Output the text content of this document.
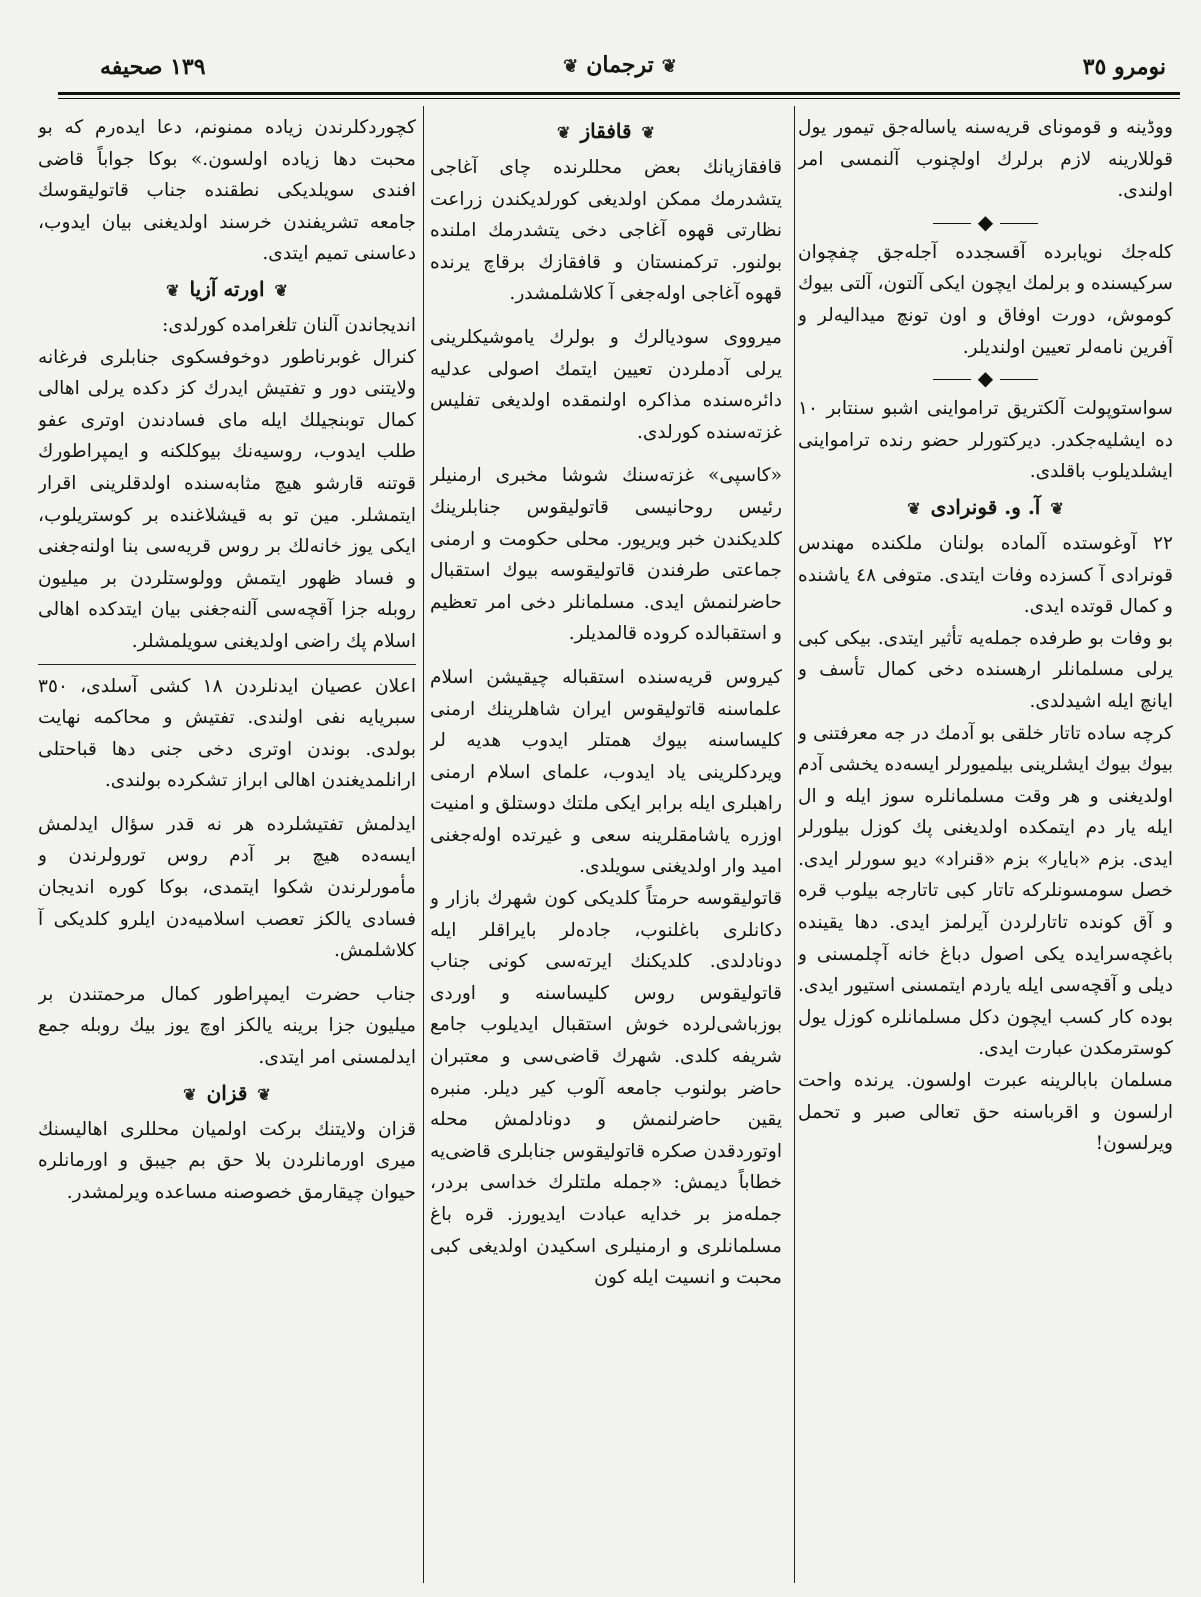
نومرو ٣٥
❦ترجمان❦
١٣٩ صحیفه

ووڈینه و قومونای قریه‌سنه یاساله‌جق تیمور یول قوللارینه لازم برلرك اولچنوب آلنمسی امر اولندی.

◆

کله‌جك نویابرده آقسجدده آجله‌جق چفچوان سرکیسنده و برلمك ایچون ایکی آلتون، آلتی بیوك کوموش، دورت اوفاق و اون تونچ میدالیه‌لر و آفرین نامه‌لر تعیین اولندیلر.

◆

سواستوپولت آلکتریق ترامواینی اشبو سنتابر ١٠ ده ایشلیه‌جکدر. دیرکتورلر حضو رنده ترامواینی ایشلدیلوب باقلدی.

❦آ. و. قونرادی❦

٢٢ آوغوستده آلماده بولنان ملکنده مهندس قونرادی آ کسزده وفات ایتدی. متوفی ٤٨ یاشنده و کمال قوتده ایدی.

بو وفات بو طرفده جمله‌یه تأثیر ایتدی. بیکی کبی یرلی مسلمانلر ارهسنده دخی کمال تأسف و ایانچ ایله اشیدلدی.

کرچه ساده تاتار خلقی بو آدمك در جه معرفتنی و بیوك بیوك ایشلرینی بیلمیورلر ایسه‌ده یخشی آدم اولدیغنی و هر وقت مسلمانلره سوز ایله و ال ایله یار دم ایتمکده اولدیغنی پك کوزل بیلورلر ایدی. بزم «بایار» بزم «قنراد» دیو سورلر ایدی. خصل سومسونلرکه تاتار کبی تاتارجه بیلوب قره و آق کونده تاتارلردن آیرلمز ایدی. دها یقینده باغچه‌سرایده یکی اصول دباغ خانه آچلمسنی و دیلی و آقچه‌سی ایله یاردم ایتمسنی استیور ایدی. بوده کار کسب ایچون دکل مسلمانلره کوزل یول کوسترمکدن عبارت ایدی.

مسلمان بابالرینه عبرت اولسون. یرنده واحت ارلسون و اقرباسنه حق تعالی صبر و تحمل ویرلسون!

❦قافقاز❦

قافقازیانك بعض محللرنده چای آغاجی یتشدرمك ممکن اولدیغی کورلدیکندن زراعت نظارتی قهوه آغاجی دخی یتشدرمك املنده بولنور. ترکمنستان و قافقازك برقاچ یرنده قهوه آغاجی اوله‌جغی آ کلاشلمشدر.

میرووی سودیالرك و بولرك یاموشیکلرینی یرلی آدملردن تعیین ایتمك اصولی عدلیه دائره‌سنده مذاکره اولنمقده اولدیغی تفلیس غزته‌سنده کورلدی.

«کاسپی» غزته‌سنك شوشا مخبری ارمنیلر رئیس روحانیسی قاتولیقوس جنابلرینك کلدیکندن خبر ویریور. محلی حکومت و ارمنی جماعتی طرفندن قاتولیقوسه بیوك استقبال حاضرلنمش ایدی. مسلمانلر دخی امر تعظیم و استقبالده کروده قالمدیلر.

کیروس قریه‌سنده استقباله چیقیشن اسلام علماسنه قاتولیقوس ایران شاهلرینك ارمنی کلیساسنه بیوك همتلر ایدوب هدیه لر ویردکلرینی یاد ایدوب، علمای اسلام ارمنی راهبلری ایله برابر ایکی ملتك دوستلق و امنیت اوزره یاشامقلرینه سعی و غیرتده اوله‌جغنی امید وار اولدیغنی سویلدی.

قاتولیقوسه حرمتاً کلدیکی کون شهرك بازار و دکانلری باغلنوب، جاده‌لر بایراقلر ایله دونادلدی. کلدیکنك ایرته‌سی کونی جناب قاتولیقوس روس کلیساسنه و اوردی بوزباشی‌لرده خوش استقبال ایدیلوب جامع شریفه کلدی. شهرك قاضی‌سی و معتبران حاضر بولنوب جامعه آلوب کیر دیلر. منبره یقین حاضرلنمش و دونادلمش محله اوتوردقدن صکره قاتولیقوس جنابلری قاضی‌یه خطاباً دیمش: «جمله ملتلرك خداسی بردر، جمله‌مز بر خدایه عبادت ایدیورز. قره باغ مسلمانلری و ارمنیلری اسکیدن اولدیغی کبی محبت و انسیت ایله کون

کچوردکلرندن زیاده ممنونم، دعا ایده‌رم که بو محبت دها زیاده اولسون.» بوکا جواباً قاضی افندی سویلدیکی نطقنده جناب قاتولیقوسك جامعه تشریفندن خرسند اولدیغنی بیان ایدوب، دعاسنی تمیم ایتدی.

❦اورته آزیا❦

اندیجاندن آلنان تلغرامده کورلدی:

کنرال غوبرناطور دوخوفسکوی جنابلری فرغانه ولایتنی دور و تفتیش ایدرك کز دکده یرلی اهالی کمال توبنجیلك ایله مای فسادندن اوتری عفو طلب ایدوب، روسیه‌نك بیوکلکنه و ایمپراطورك قوتنه قارشو هیچ مثابه‌سنده اولدقلرینی اقرار ایتمشلر. مین تو به قیشلاغنده بر کوستریلوب، ایکی یوز خانه‌لك بر روس قریه‌سی بنا اولنه‌جغنی و فساد ظهور ایتمش وولوستلردن بر میلیون روبله جزا آقچه‌سی آلنه‌جغنی بیان ایتدکده اهالی اسلام پك راضی اولدیغنی سویلمشلر.

اعلان عصیان ایدنلردن ١٨ کشی آسلدی، ٣٥٠ سبریایه نفی اولندی. تفتیش و محاکمه نهایت بولدی. بوندن اوتری دخی جنی دها قباحتلی ارانلمدیغندن اهالی ابراز تشکرده بولندی.

ایدلمش تفتیشلرده هر نه قدر سؤال ایدلمش ایسه‌ده هیچ بر آدم روس تورولرندن و مأمورلرندن شکوا ایتمدی، بوکا کوره اندیجان فسادی یالکز تعصب اسلامیه‌دن ایلرو کلدیکی آ کلاشلمش.

جناب حضرت ایمپراطور کمال مرحمتندن بر میلیون جزا برینه یالکز اوچ یوز بیك روبله جمع ایدلمسنی امر ایتدی.

❦قزان❦

قزان ولایتنك برکت اولمیان محللری اهالیسنك میری اورمانلردن بلا حق بم جیبق و اورمانلره حیوان چیقارمق خصوصنه مساعده ویرلمشدر.
